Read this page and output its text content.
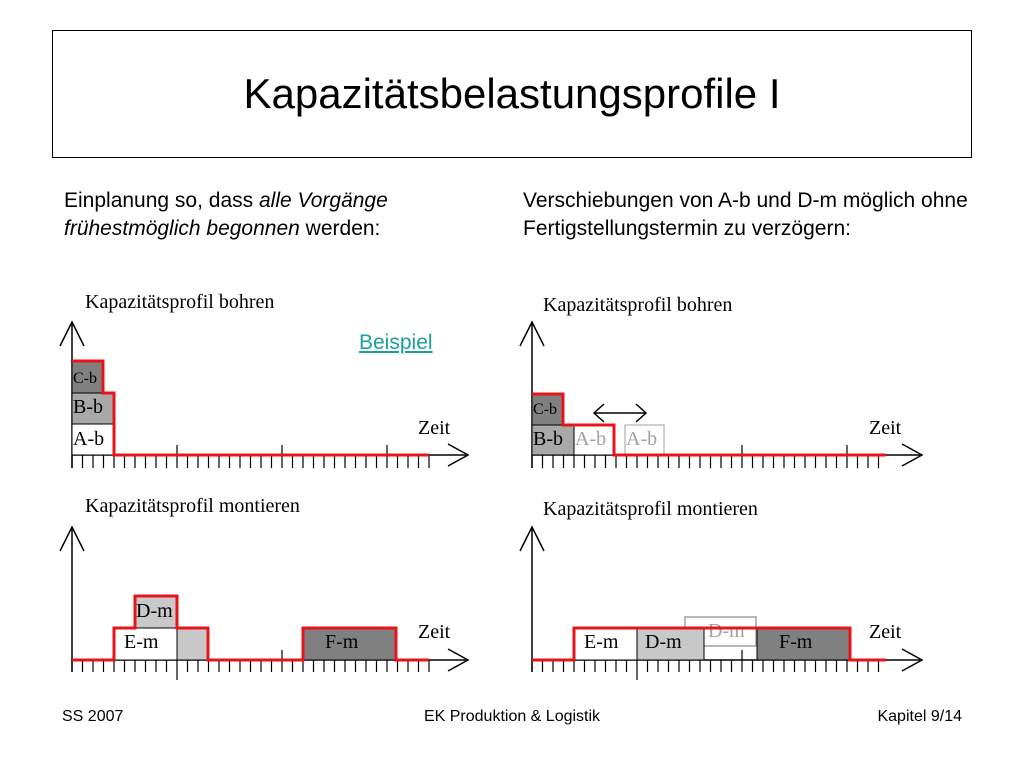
Kapazitätsbelastungsprofile I
Einplanung so, dass alle Vorgänge frühestmöglich begonnen werden:
Verschiebungen von A-b und D-m möglich ohne Fertigstellungstermin zu verzögern:
Beispiel
Kapazitätsprofil bohren
C-b
B-b
A-b	Zeit
Kapazitätsprofil montieren
D-m
E-m	F-m	Zeit
Kapazitätsprofil bohren
C-b
B-b A-b A-b	Zeit
Kapazitätsprofil montieren
D-m
E-m D-m	F-m	Zeit
SS 2007	EK Produktion & Logistik	Kapitel 9/14
